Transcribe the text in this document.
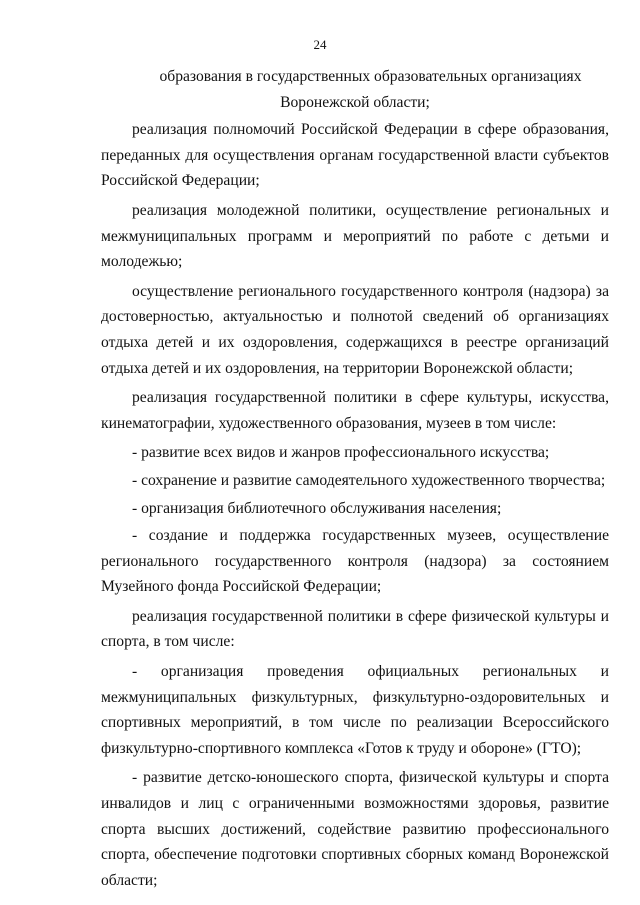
24

образования в государственных образовательных организациях Воронежской области;

реализация полномочий Российской Федерации в сфере образования, переданных для осуществления органам государственной власти субъектов Российской Федерации;

реализация молодежной политики, осуществление региональных и межмуниципальных программ и мероприятий по работе с детьми и молодежью;

осуществление регионального государственного контроля (надзора) за достоверностью, актуальностью и полнотой сведений об организациях отдыха детей и их оздоровления, содержащихся в реестре организаций отдыха детей и их оздоровления, на территории Воронежской области;

реализация государственной политики в сфере культуры, искусства, кинематографии, художественного образования, музеев в том числе:

- развитие всех видов и жанров профессионального искусства;

- сохранение и развитие самодеятельного художественного творчества;

- организация библиотечного обслуживания населения;

- создание и поддержка государственных музеев, осуществление регионального государственного контроля (надзора) за состоянием Музейного фонда Российской Федерации;

реализация государственной политики в сфере физической культуры и спорта, в том числе:

- организация проведения официальных региональных и межмуниципальных физкультурных, физкультурно-оздоровительных и спортивных мероприятий, в том числе по реализации Всероссийского физкультурно-спортивного комплекса «Готов к труду и обороне» (ГТО);

- развитие детско-юношеского спорта, физической культуры и спорта инвалидов и лиц с ограниченными возможностями здоровья, развитие спорта высших достижений, содействие развитию профессионального спорта, обеспечение подготовки спортивных сборных команд Воронежской области;
